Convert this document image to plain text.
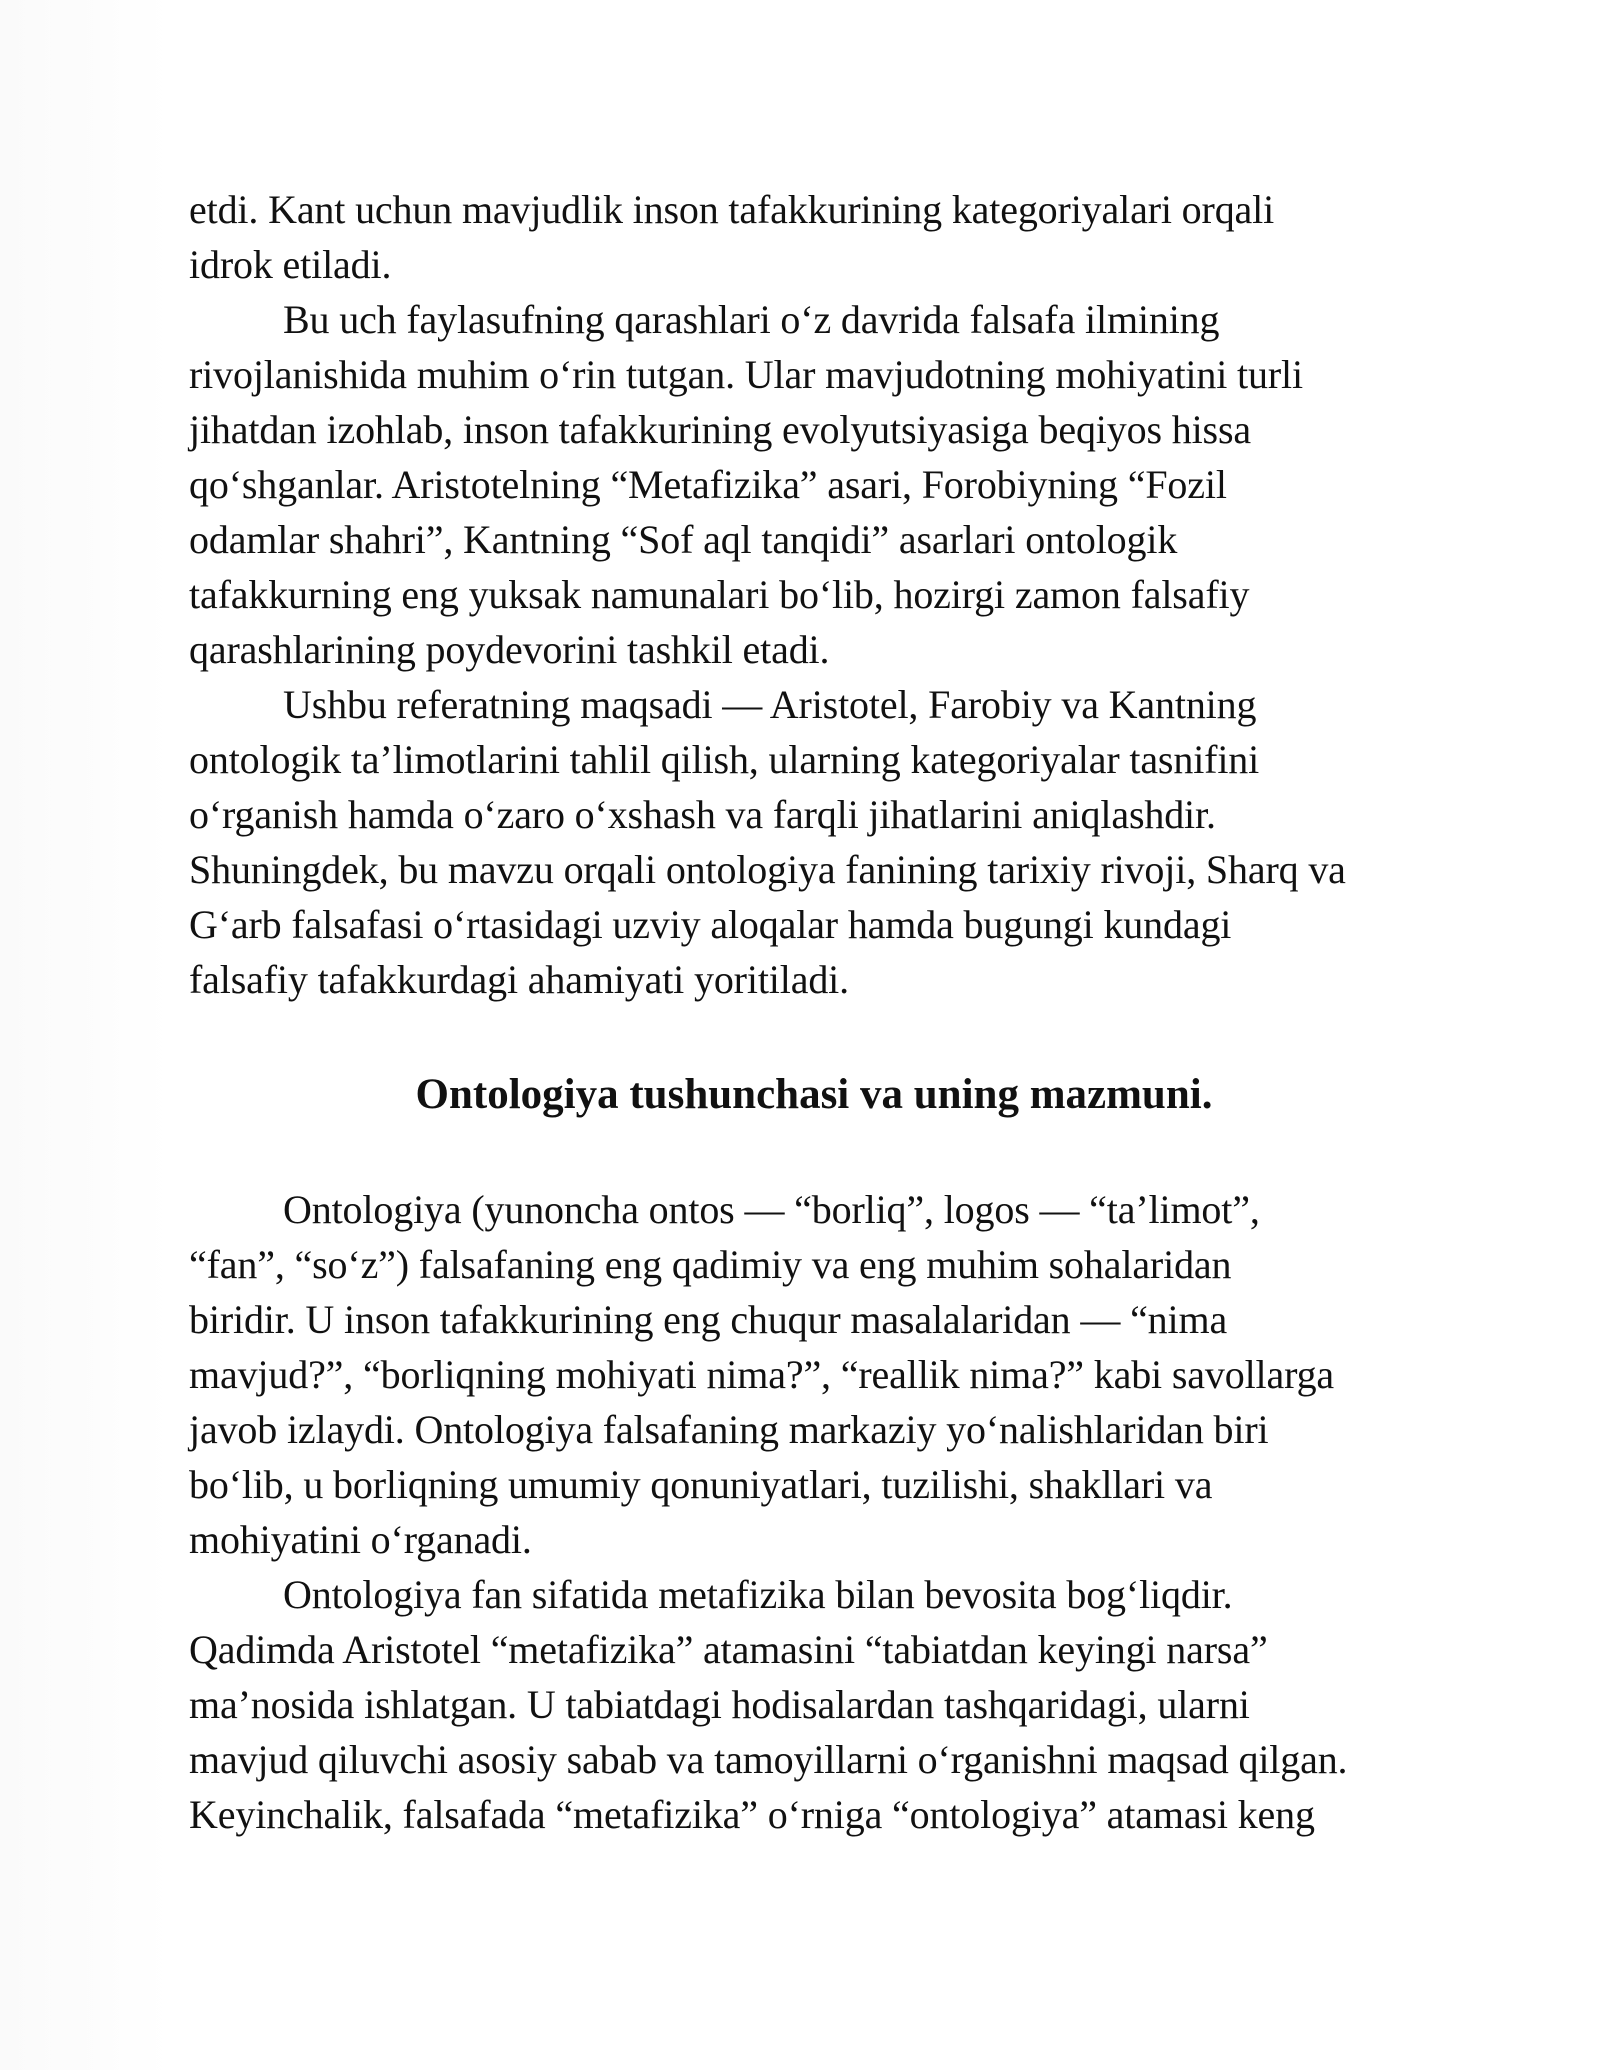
etdi. Kant uchun mavjudlik inson tafakkurining kategoriyalari orqali
idrok etiladi.
Bu uch faylasufning qarashlari o‘z davrida falsafa ilmining
rivojlanishida muhim o‘rin tutgan. Ular mavjudotning mohiyatini turli
jihatdan izohlab, inson tafakkurining evolyutsiyasiga beqiyos hissa
qo‘shganlar. Aristotelning “Metafizika” asari, Forobiyning “Fozil
odamlar shahri”, Kantning “Sof aql tanqidi” asarlari ontologik
tafakkurning eng yuksak namunalari bo‘lib, hozirgi zamon falsafiy
qarashlarining poydevorini tashkil etadi.
Ushbu referatning maqsadi — Aristotel, Farobiy va Kantning
ontologik ta’limotlarini tahlil qilish, ularning kategoriyalar tasnifini
o‘rganish hamda o‘zaro o‘xshash va farqli jihatlarini aniqlashdir.
Shuningdek, bu mavzu orqali ontologiya fanining tarixiy rivoji, Sharq va
G‘arb falsafasi o‘rtasidagi uzviy aloqalar hamda bugungi kundagi
falsafiy tafakkurdagi ahamiyati yoritiladi.
Ontologiya tushunchasi va uning mazmuni.
Ontologiya (yunoncha ontos — “borliq”, logos — “ta’limot”,
“fan”, “so‘z”) falsafaning eng qadimiy va eng muhim sohalaridan
biridir. U inson tafakkurining eng chuqur masalalaridan — “nima
mavjud?”, “borliqning mohiyati nima?”, “reallik nima?” kabi savollarga
javob izlaydi. Ontologiya falsafaning markaziy yo‘nalishlaridan biri
bo‘lib, u borliqning umumiy qonuniyatlari, tuzilishi, shakllari va
mohiyatini o‘rganadi.
Ontologiya fan sifatida metafizika bilan bevosita bog‘liqdir.
Qadimda Aristotel “metafizika” atamasini “tabiatdan keyingi narsa”
ma’nosida ishlatgan. U tabiatdagi hodisalardan tashqaridagi, ularni
mavjud qiluvchi asosiy sabab va tamoyillarni o‘rganishni maqsad qilgan.
Keyinchalik, falsafada “metafizika” o‘rniga “ontologiya” atamasi keng
